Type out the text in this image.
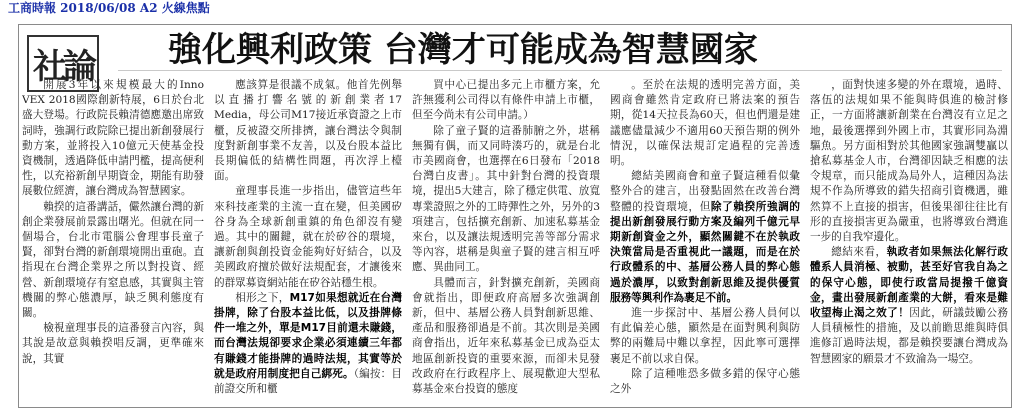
工商時報 2018/06/08 A2 火線焦點
社論 強化興利政策 台灣才可能成為智慧國家

開展3年以來規模最大的Inno VEX 2018國際創新特展，6日於台北盛大登場。行政院長賴清德應邀出席致詞時，強調行政院除已提出新創發展行動方案，並將投入10億元天使基金投資機制，透過降低申請門檻，提高便利性，以充裕新創早期資金，期能有助發展數位經濟，讓台灣成為智慧國家。

賴揆的這番講話，儼然讓台灣的新創企業發展前景露出曙光。但就在同一個場合，台北市電腦公會理事長童子賢，卻對台灣的新創環境開出重砲。直指現在台灣企業界之所以對投資、經營、新創環境存有窒息感，其實與主管機關的弊心態濃厚，缺乏興利態度有關。

檢視童理事長的這番發言內容，與其說是故意與賴揆唱反調，更準確來說，其實

應該算是很議不成氣。他首先例舉以直播打響名號的新創業者17 Media，母公司M17接近承資證之上市櫃，反被證交所排擠，讓台灣法令與制度對新創事業不友善，以及台股本益比長期偏低的結構性問題，再次浮上檯面。

童理事長進一步指出，儘管這些年來科技產業的主流一直在變，但美國矽谷身為全球新創重鎮的角色卻沒有變過。其中的關鍵，就在於矽谷的環境，讓新創與創投資金能夠好好結合，以及美國政府擅於做好法規配套，才讓後來的群眾募資網站能在矽谷站穩生根。

相形之下，M17如果想就近在台灣掛牌，除了台股本益比低，以及掛牌條件一堆之外，單是M17目前還未賺錢，而台灣法規卻要求企業必須連續三年都有賺錢才能掛牌的過時法規，其實等於就是政府用制度把自己綁死。（編按：目前證交所和櫃

買中心已提出多元上市櫃方案，允許無獲利公司得以有條件申請上市櫃，但至今尚未有公司申請。）

除了童子賢的這番肺腑之外，堪稱無獨有偶，而又同時湊巧的，就是台北市美國商會，也選擇在6日發布「2018台灣白皮書」。其中針對台灣的投資環境，提出5大建言，除了穩定供電、放寬專業證照之外的工時彈性之外，另外的3項建言，包括擴充創新、加速私募基金來台，以及讓法規透明完善等部分需求等內容，堪稱是與童子賢的建言相互呼應、異曲同工。

具體而言，針對擴充創新，美國商會就指出，即便政府高層多次強調創新，但中、基層公務人員對創新思維、產品和服務卻過是不前。其次則是美國商會指出，近年來私募基金已成為亞太地區創新投資的重要來源，而卻未見發改政府在行政程序上、展現歡迎大型私募基金來台投資的態度

。至於在法規的透明完善方面，美國商會雖然肯定政府已將法案的預告期，從14天拉長為60天，但也們還是建議應儘量減少不適用60天預告期的例外情況，以確保法規訂定過程的完善透明。

總結美國商會和童子賢這種看似彙整外合的建言，出發點固然在改善台灣整體的投資環境，但除了賴揆所強調的提出新創發展行動方案及編列千億元早期新創資金之外，顯然關鍵不在於執政決策當局是否重視此一議題，而是在於行政體系的中、基層公務人員的弊心態過於濃厚，以致對創新思維及提供優質服務等興利作為裹足不前。

進一步探討中、基層公務人員何以有此偏差心態，顯然是在面對興利與防弊的兩難局中難以拿捏，因此寧可選擇裹足不前以求自保。

除了這種唯恐多做多錯的保守心態之外

，面對快速多變的外在環境，過時、落伍的法規如果不能與時俱進的檢討修正，一方面將讓新創業在台灣沒有立足之地，最後選擇到外國上市，其實形同為淵驅魚。另方面相對於其他國家強調雙贏以搶私募基金人市，台灣卻因缺乏相應的法令規章，而只能成為局外人，這種因為法規不作為所導致的錯失招商引資機遇，雖然算不上直接的損害，但後果卻往往比有形的直接損害更為嚴重，也將導致台灣進一步的自我窄邊化。

總結來看，執政者如果無法化解行政體系人員消極、被動，甚至好官我自為之的保守心態，即使行政當局提撥千億資金，畫出發展新創產業的大餅，看來是難收望梅止渴之效了！因此，研議鼓勵公務人員積極性的措施，及以前瞻思維與時俱進修訂過時法規，都是賴揆要讓台灣成為智慧國家的願景才不致淪為一場空。
